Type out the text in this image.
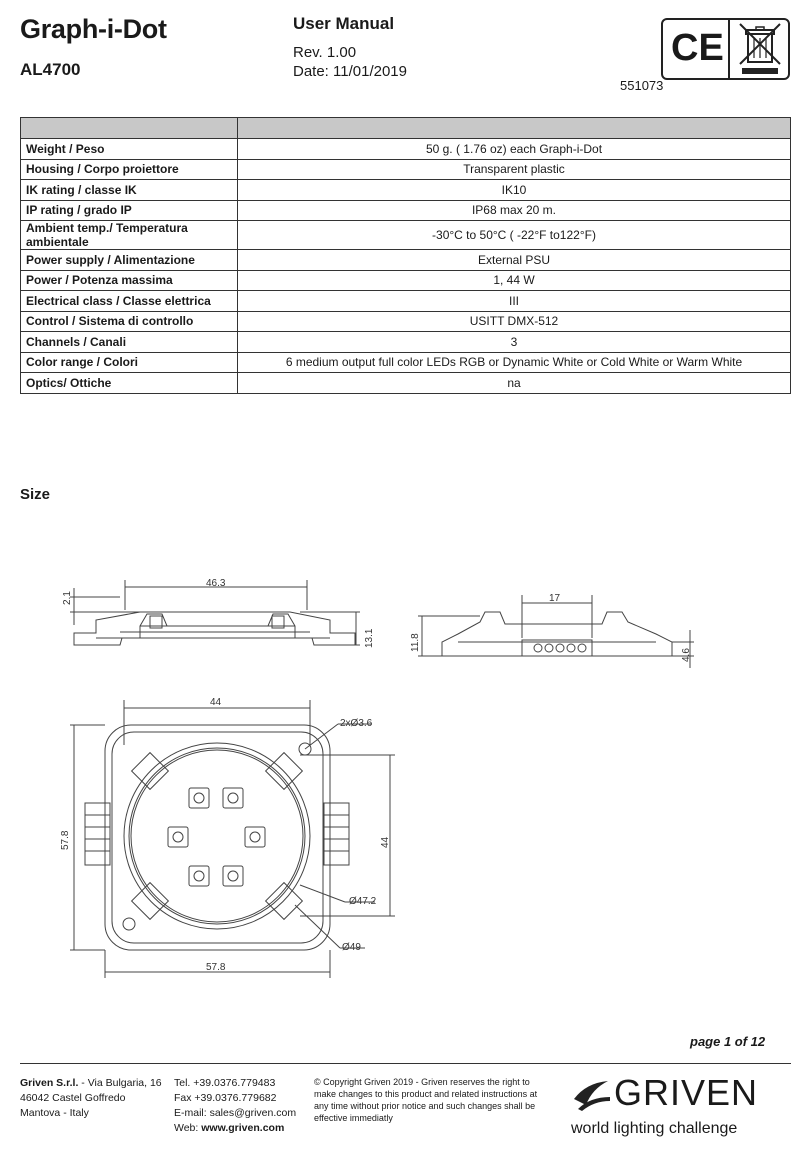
Graph-i-Dot
AL4700
User Manual
Rev. 1.00
Date: 11/01/2019
551073
CE

Weight / Peso	50 g. ( 1.76 oz) each Graph-i-Dot
Housing / Corpo proiettore	Transparent plastic
IK rating / classe IK	IK10
IP rating / grado IP	IP68 max 20 m.
Ambient temp./ Temperatura ambientale	-30°C to 50°C ( -22°F to122°F)
Power supply / Alimentazione	External PSU
Power / Potenza massima	1, 44 W
Electrical class / Classe elettrica	III
Control / Sistema di controllo	USITT DMX-512
Channels / Canali	3
Color range / Colori	6 medium output full color LEDs RGB or Dynamic White or Cold White or Warm White
Optics/ Ottiche	na
Size
46.3
2.1
13.1
17
11.8
4.6
44
2xØ3.6
57.8	44
Ø47.2
Ø49
57.8
page 1 of 12
Griven S.r.l. - Via Bulgaria, 16
46042 Castel Goffredo
Mantova - Italy
Tel. +39.0376.779483
Fax +39.0376.779682
E-mail: sales@griven.com
Web: www.griven.com
© Copyright Griven 2019 - Griven reserves the right to make changes to this product and related instructions at any time without prior notice and such changes shall be effective immediatly
GRIVEN
world lighting challenge
